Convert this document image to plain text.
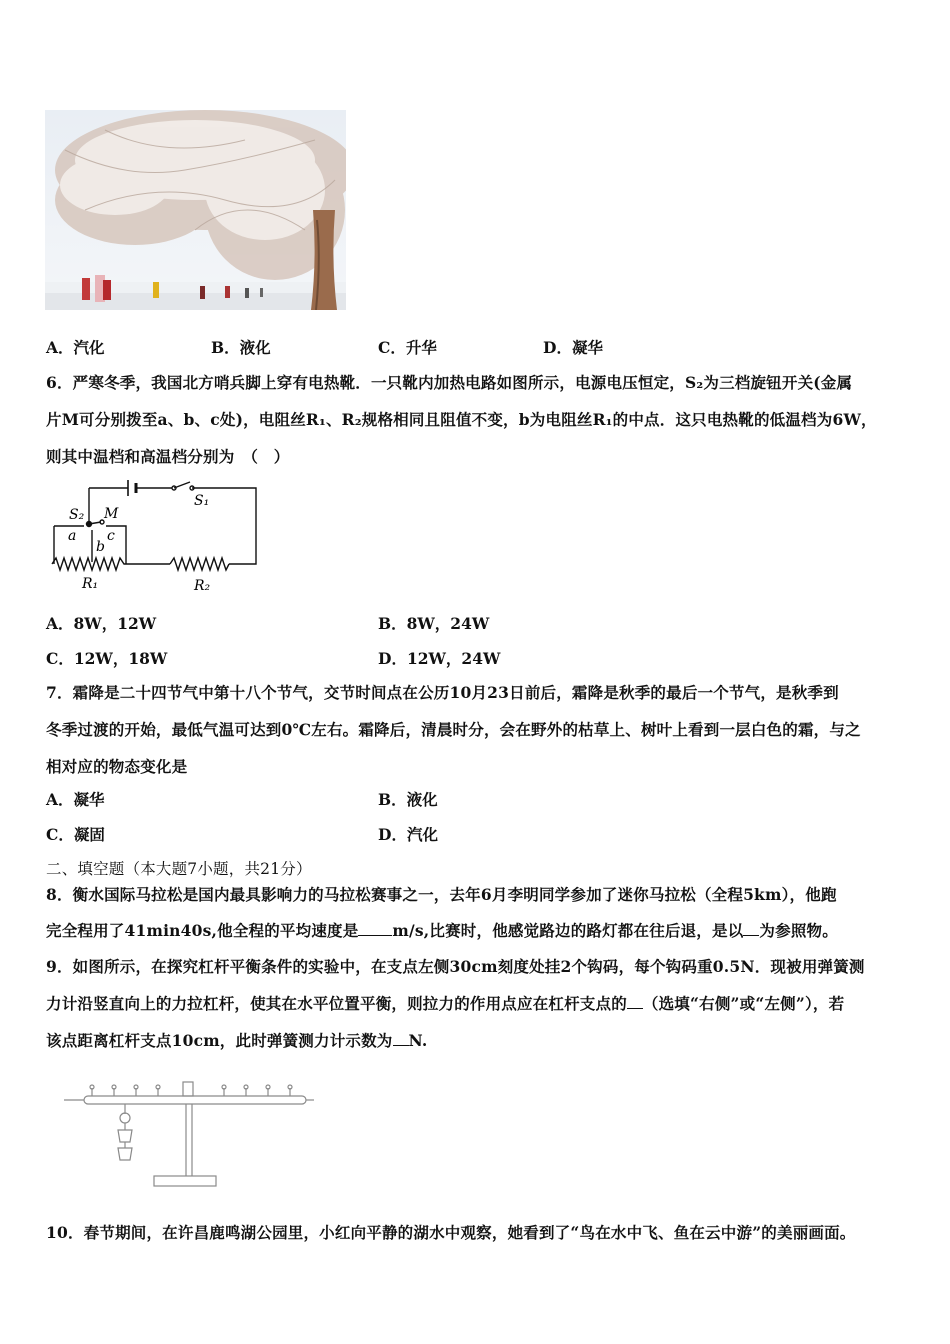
A．汽化	B．液化	C．升华	D．凝华
6．严寒冬季，我国北方哨兵脚上穿有电热靴．一只靴内加热电路如图所示，电源电压恒定，S₂为三档旋钮开关(金属
片M可分别拨至a、b、c处)，电阻丝R₁、R₂规格相同且阻值不变，b为电阻丝R₁的中点．这只电热靴的低温档为6W，
则其中温档和高温档分别为　（　）
S₁
S₂ M
a
b
c
R₁	R₂
A．8W，12W	B．8W，24W
C．12W，18W	D．12W，24W
7．霜降是二十四节气中第十八个节气，交节时间点在公历10月23日前后，霜降是秋季的最后一个节气，是秋季到
冬季过渡的开始，最低气温可达到0℃左右。霜降后，清晨时分，会在野外的枯草上、树叶上看到一层白色的霜，与之
相对应的物态变化是
A．凝华	B．液化
C．凝固	D．汽化
二、填空题（本大题7小题，共21分）
8．衡水国际马拉松是国内最具影响力的马拉松赛事之一，去年6月李明同学参加了迷你马拉松（全程5km），他跑
完全程用了41min40s,他全程的平均速度是 m/s,比赛时，他感觉路边的路灯都在往后退，是以 为参照物。
9．如图所示，在探究杠杆平衡条件的实验中，在支点左侧30cm刻度处挂2个钩码，每个钩码重0.5N．现被用弹簧测
力计沿竖直向上的力拉杠杆，使其在水平位置平衡，则拉力的作用点应在杠杆支点的 （选填“右侧”或“左侧”），若
该点距离杠杆支点10cm，此时弹簧测力计示数为 N.
10．春节期间，在许昌鹿鸣湖公园里，小红向平静的湖水中观察，她看到了“鸟在水中飞、鱼在云中游”的美丽画面。
